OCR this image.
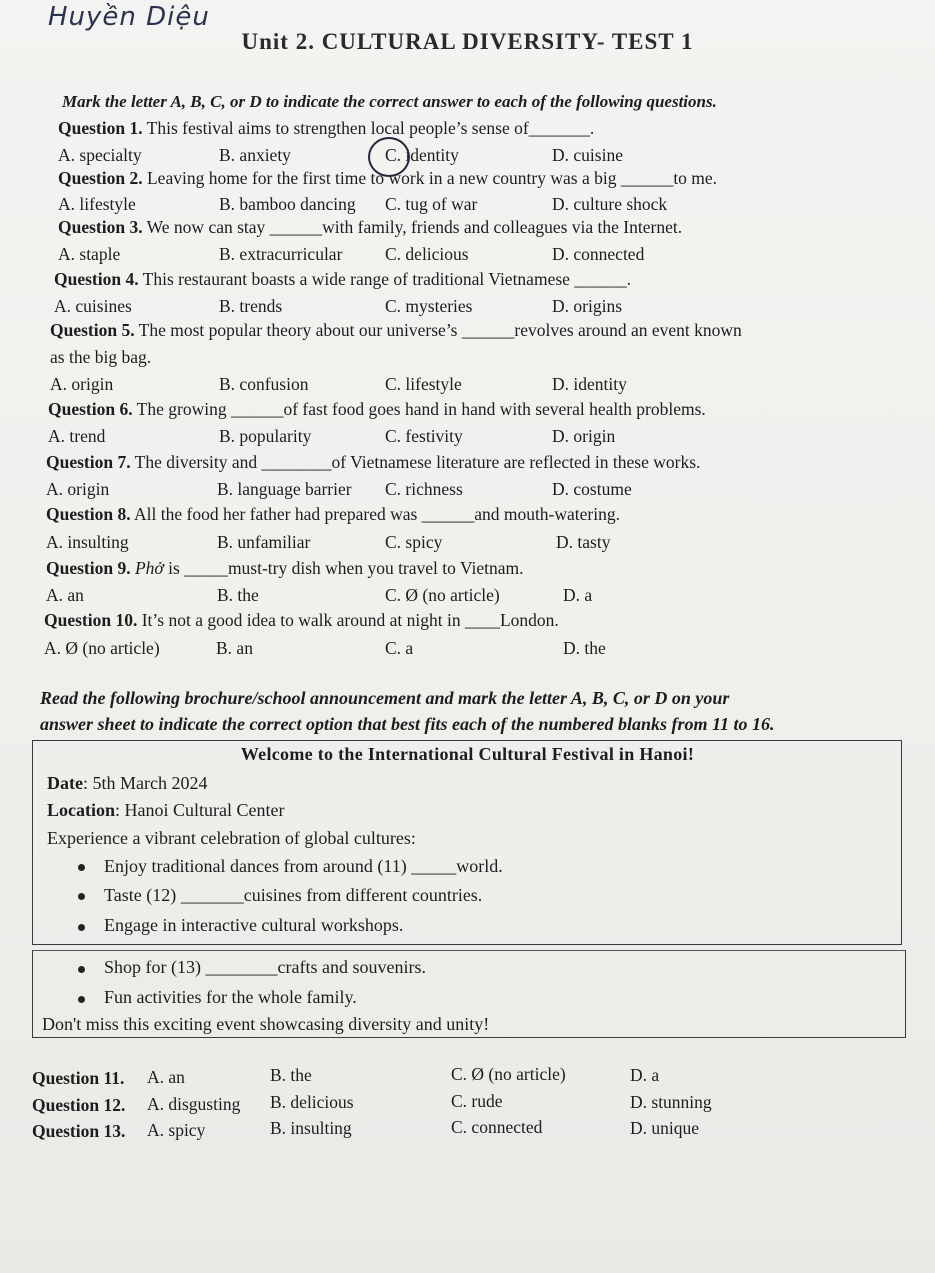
Huyền Diệu
Unit 2. CULTURAL DIVERSITY- TEST 1
Mark the letter A, B, C, or D to indicate the correct answer to each of the following questions.
Question 1. This festival aims to strengthen local people’s sense of_______.
A. specialty	B. anxiety	C. identity	D. cuisine
Question 2. Leaving home for the first time to work in a new country was a big ______to me.
A. lifestyle	B. bamboo dancing C. tug of war	D. culture shock
Question 3. We now can stay ______with family, friends and colleagues via the Internet.
A. staple	B. extracurricular C. delicious	D. connected
Question 4. This restaurant boasts a wide range of traditional Vietnamese ______.
A. cuisines	B. trends	C. mysteries	D. origins
Question 5. The most popular theory about our universe’s ______revolves around an event known
as the big bag.
A. origin	B. confusion	C. lifestyle	D. identity
Question 6. The growing ______of fast food goes hand in hand with several health problems.
A. trend	B. popularity	C. festivity	D. origin
Question 7. The diversity and ________of Vietnamese literature are reflected in these works.
A. origin	B. language barrier C. richness	D. costume
Question 8. All the food her father had prepared was ______and mouth-watering.
A. insulting	B. unfamiliar	C. spicy	D. tasty
Question 9. Phở is _____must-try dish when you travel to Vietnam.
A. an	B. the	C. Ø (no article)	D. a
Question 10. It’s not a good idea to walk around at night in ____London.
A. Ø (no article)	B. an	C. a	D. the
Read the following brochure/school announcement and mark the letter A, B, C, or D on your
answer sheet to indicate the correct option that best fits each of the numbered blanks from 11 to 16.
Welcome to the International Cultural Festival in Hanoi!
Date: 5th March 2024
Location: Hanoi Cultural Center
Experience a vibrant celebration of global cultures:
Enjoy traditional dances from around (11) _____world.
Taste (12) _______cuisines from different countries.
Engage in interactive cultural workshops.
Shop for (13) ________crafts and souvenirs.
Fun activities for the whole family.
Don't miss this exciting event showcasing diversity and unity!
Question 11. A. an	B. the	C. Ø (no article)	D. a
Question 12. A. disgusting B. delicious	C. rude	D. stunning
Question 13. A. spicy	B. insulting	C. connected	D. unique
